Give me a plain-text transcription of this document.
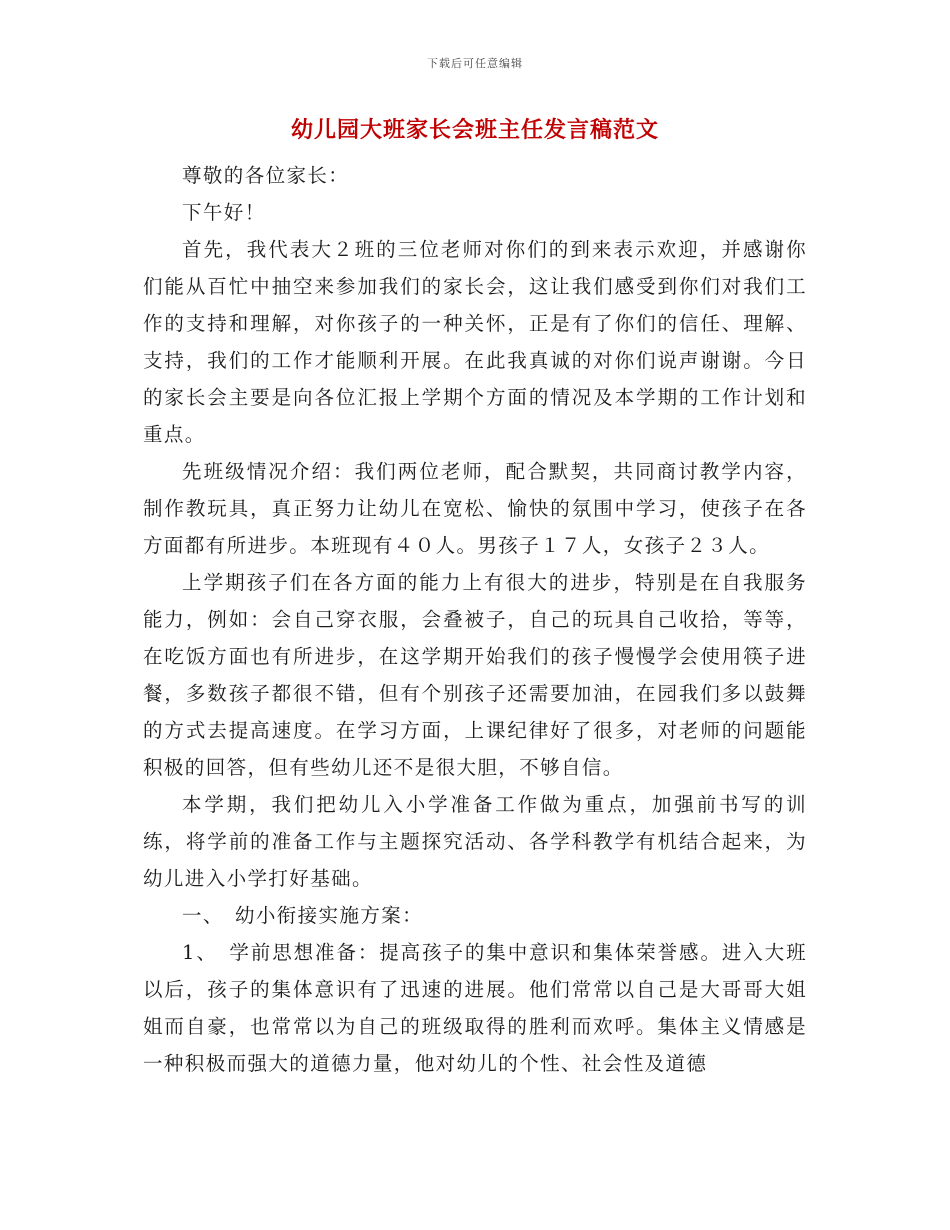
下载后可任意编辑
幼儿园大班家长会班主任发言稿范文

尊敬的各位家长：

下午好！

首先，我代表大２班的三位老师对你们的到来表示欢迎，并感谢你们能从百忙中抽空来参加我们的家长会，这让我们感受到你们对我们工作的支持和理解，对你孩子的一种关怀，正是有了你们的信任、理解、支持，我们的工作才能顺利开展。在此我真诚的对你们说声谢谢。今日的家长会主要是向各位汇报上学期个方面的情况及本学期的工作计划和重点。

先班级情况介绍：我们两位老师，配合默契，共同商讨教学内容，制作教玩具，真正努力让幼儿在宽松、愉快的氛围中学习，使孩子在各方面都有所进步。本班现有４０人。男孩子１７人，女孩子２３人。

上学期孩子们在各方面的能力上有很大的进步，特别是在自我服务能力，例如：会自己穿衣服，会叠被子，自己的玩具自己收拾，等等，在吃饭方面也有所进步，在这学期开始我们的孩子慢慢学会使用筷子进餐，多数孩子都很不错，但有个别孩子还需要加油，在园我们多以鼓舞的方式去提高速度。在学习方面，上课纪律好了很多，对老师的问题能积极的回答，但有些幼儿还不是很大胆，不够自信。

本学期，我们把幼儿入小学准备工作做为重点，加强前书写的训练，将学前的准备工作与主题探究活动、各学科教学有机结合起来，为幼儿进入小学打好基础。

一、　幼小衔接实施方案：

1、　学前思想准备：提高孩子的集中意识和集体荣誉感。进入大班以后，孩子的集体意识有了迅速的进展。他们常常以自己是大哥哥大姐姐而自豪，也常常以为自己的班级取得的胜利而欢呼。集体主义情感是一种积极而强大的道德力量，他对幼儿的个性、社会性及道德
